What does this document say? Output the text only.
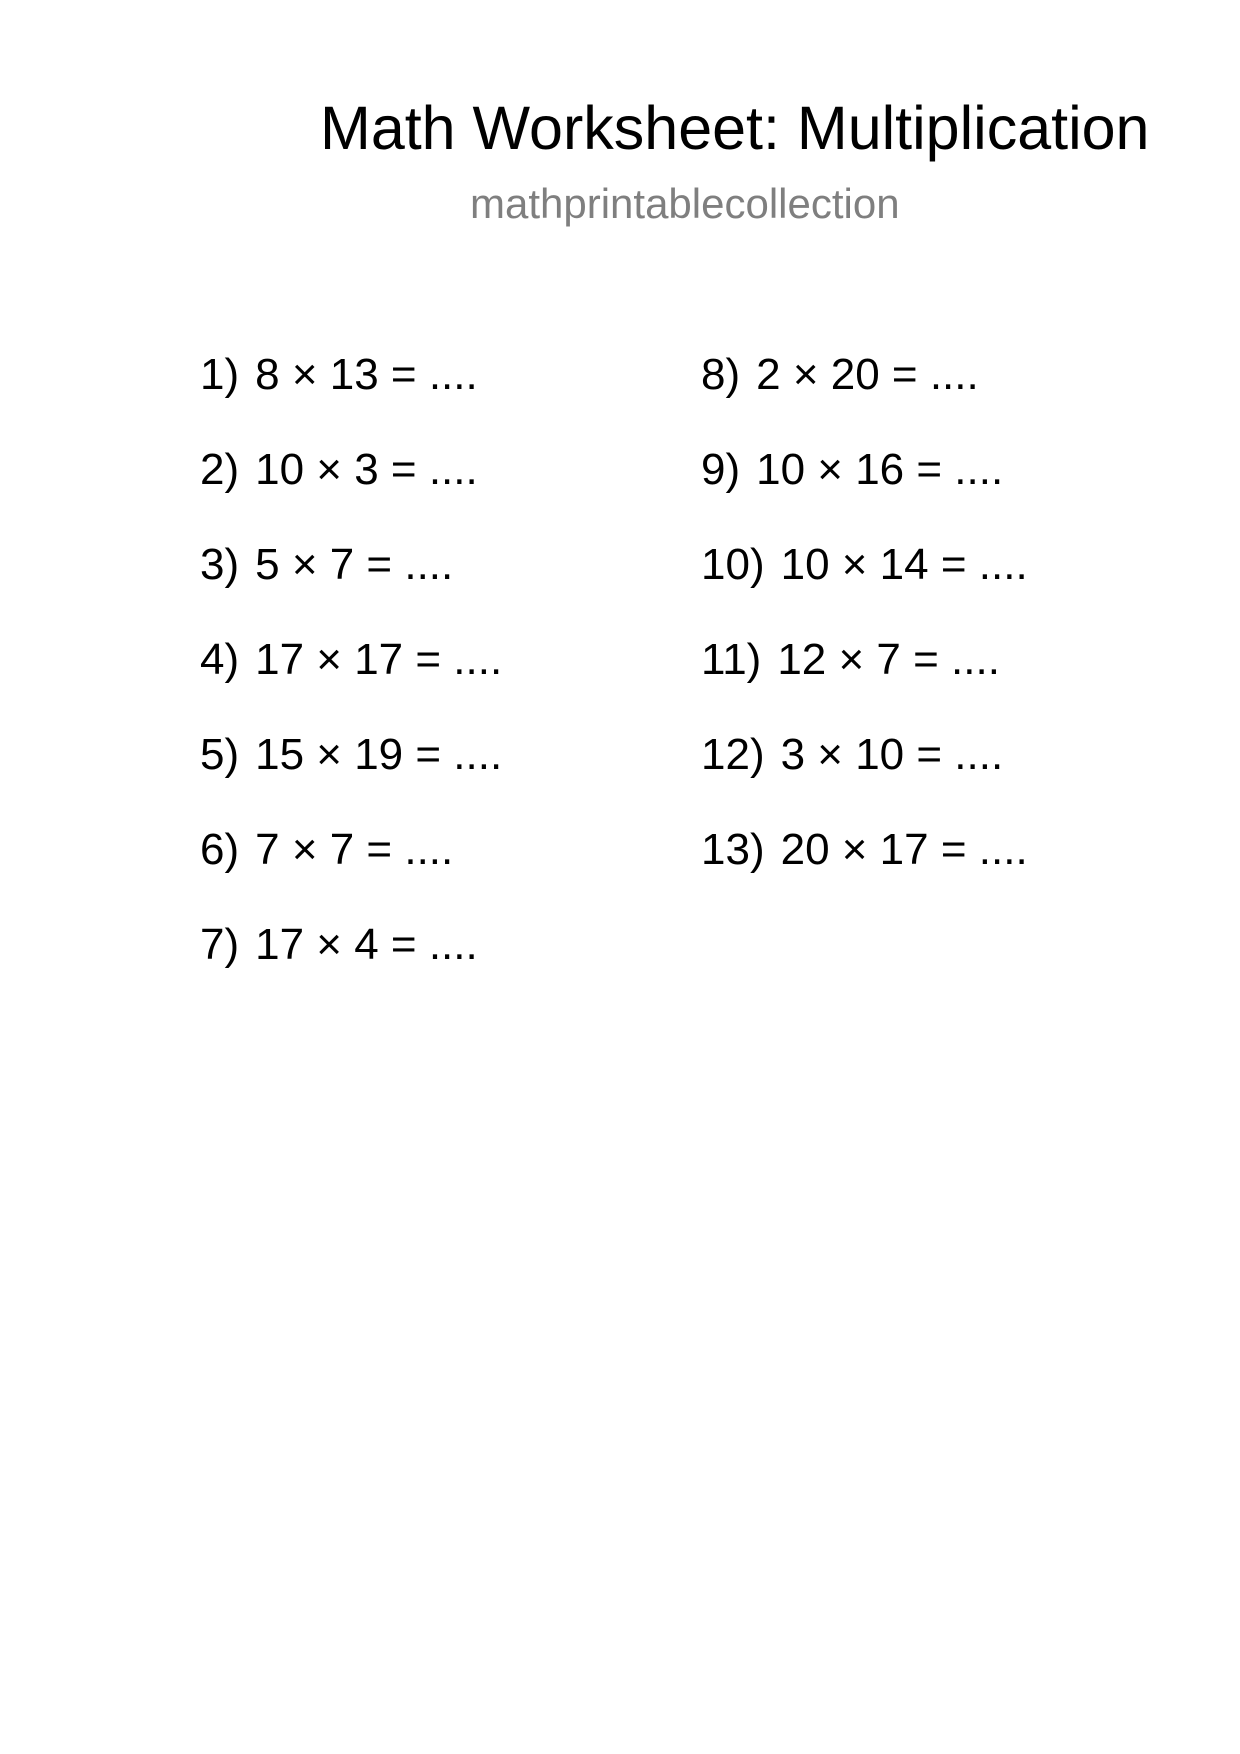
Math Worksheet: Multiplication
mathprintablecollection
1) 8 × 13 = ....
2) 10 × 3 = ....
3) 5 × 7 = ....
4) 17 × 17 = ....
5) 15 × 19 = ....
6) 7 × 7 = ....
7) 17 × 4 = ....
8) 2 × 20 = ....
9) 10 × 16 = ....
10) 10 × 14 = ....
11) 12 × 7 = ....
12) 3 × 10 = ....
13) 20 × 17 = ....
